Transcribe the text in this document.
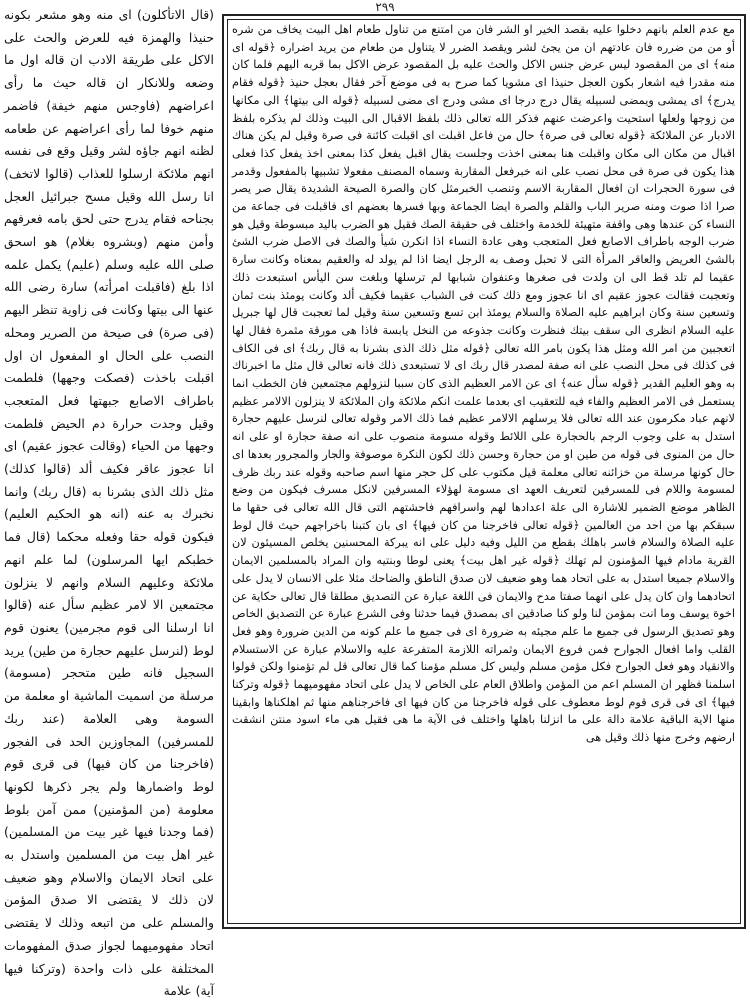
۲۹۹

(قال الاتأكلون) اى منه وهو مشعر بكونه حنيذا والهمزة فيه للعرض والحث على الاكل على طريقة الادب ان قاله اول ما وضعه وللانكار ان قاله حيث ما رأى اعراضهم (فاوجس منهم خيفة) فاضمر منهم خوفا لما رأى اعراضهم عن طعامه لظنه انهم جاؤه لشر وقيل وقع فى نفسه انهم ملائكة ارسلوا للعذاب (قالوا لاتخف) انا رسل الله وقيل مسح جبرائيل العجل بجناحه فقام يدرج حتى لحق بامه فعرفهم وأمن منهم (وبشروه بغلام) هو اسحق صلى الله عليه وسلم (عليم) يكمل علمه اذا بلغ (فاقبلت امرأته) سارة رضى الله عنها الى بيتها وكانت فى زاوية تنظر اليهم (فى صرة) فى صيحة من الصرير ومحله النصب على الحال او المفعول ان اول اقبلت باخذت (فصكت وجهها) فلطمت باطراف الاصابع جبهتها فعل المتعجب وقيل وجدت حرارة دم الحيض فلطمت وجهها من الحياء (وقالت عجوز عقيم) اى انا عجوز عاقر فكيف ألد (قالوا كذلك) مثل ذلك الذى بشرنا به (قال ربك) وانما نخبرك به عنه (انه هو الحكيم العليم) فيكون قوله حقا وفعله محكما (قال فما خطبكم ايها المرسلون) لما علم انهم ملائكة وعليهم السلام وانهم لا ينزلون مجتمعين الا لامر عظيم سأل عنه (قالوا انا ارسلنا الى قوم مجرمين) يعنون قوم لوط (لنرسل عليهم حجارة من طين) يريد السجيل فانه طين متحجر (مسومة) مرسلة من اسميت الماشية او معلمة من السومة وهى العلامة (عند ربك للمسرفين) المجاوزين الحد فى الفجور (فاخرجنا من كان فيها) فى قرى قوم لوط واضمارها ولم يجر ذكرها لكونها معلومة (من المؤمنين) ممن آمن بلوط (فما وجدنا فيها غير بيت من المسلمين) غير اهل بيت من المسلمين واستدل به على اتحاد الايمان والاسلام وهو ضعيف لان ذلك لا يقتضى الا صدق المؤمن والمسلم على من اتبعه وذلك لا يقتضى اتحاد مفهوميهما لجواز صدق المفهومات المختلفة على ذات واحدة (وتركنا فيها آية) علامة

مع عدم العلم بانهم دخلوا عليه بقصد الخير او الشر فان من امتنع من تناول طعام اهل البيت يخاف من شره أو من من ضرره فان عادتهم ان من يجئ لشر ويقصد الضرر لا يتناول من طعام من يريد اضراره ﴿قوله اى منه﴾ اى من المقصود ليس عرض جنس الاكل والحث عليه بل المقصود عرض الاكل بما قربه اليهم فلما كان منه مقدرا فيه اشعار بكون العجل حنيذا اى مشويا كما صرح به فى موضع آخر فقال بعجل حنيذ ﴿قوله فقام يدرج﴾ اى يمشى ويمضى لسبيله يقال درج درجا اى مشى ودرج اى مضى لسبيله ﴿قوله الى بيتها﴾ الى مكانها من زوجها ولعلها استحيت واعرضت عنهم فذكر الله تعالى ذلك بلفظ الاقبال الى البيت وذلك لم يذكره بلفظ الادبار عن الملائكة ﴿قوله تعالى فى صرة﴾ حال من فاعل اقبلت اى اقبلت كائنة فى صرة وقيل لم يكن هناك اقبال من مكان الى مكان واقبلت هنا بمعنى اخذت وجلست يقال اقبل يفعل كذا بمعنى اخذ يفعل كذا فعلى هذا يكون فى صرة فى محل نصب على انه خبرفعل المقاربة وسماه المصنف مفعولا تشبيها بالمفعول وقدمر فى سورة الحجرات ان افعال المقاربة الاسم وتنصب الخبرمثل كان والصرة الصيحة الشديدة يقال صر يصر صرا اذا صوت ومنه صرير الباب والقلم والصرة ايضا الجماعة وبها فسرها بعضهم اى فاقبلت فى جماعة من النساء كن عندها وهى واقفة متهيئة للخدمة واختلف فى حقيقة الصك فقيل هو الضرب باليد مبسوطة وقيل هو ضرب الوجه باطراف الاصابع فعل المتعجب وهى عادة النساء اذا انكرن شيأ والصك فى الاصل ضرب الشئ بالشئ العريض والعاقر المرأة التى لا تحبل وصف به الرجل ايضا اذا لم يولد له والعقيم بمعناه وكانت سارة عقيما لم تلد قط الى ان ولدت فى صغرها وعنفوان شبابها لم ترسلها وبلغت سن اليأس استبعدت ذلك وتعجبت فقالت عجوز عقيم اى انا عجوز ومع ذلك كنت فى الشباب عقيما فكيف ألد وكانت يومئذ بنت ثمان وتسعين سنة وكان ابراهيم عليه الصلاة والسلام يومئذ ابن تسع وتسعين سنة وقيل لما تعجبت قال لها جبريل عليه السلام انظرى الى سقف بيتك فنظرت وكانت جذوعه من النخل يابسة فاذا هى مورقة مثمرة فقال لها اتعجبين من امر الله ومثل هذا يكون بامر الله تعالى ﴿قوله مثل ذلك الذى بشرنا به قال ربك﴾ اى فى الكاف فى كذلك فى محل النصب على انه صفة لمصدر قال ربك اى لا تستبعدى ذلك فانه تعالى قال مثل ما اخبرناك به وهو العليم القدير ﴿قوله سأل عنه﴾ اى عن الامر العظيم الذى كان سببا لنزولهم مجتمعين فان الخطب انما يستعمل فى الامر العظيم والفاء فيه للتعقيب اى بعدما علمت انكم ملائكة وان الملائكة لا ينزلون الالامر عظيم لانهم عباد مكرمون عند الله تعالى فلا يرسلهم الالامر عظيم فما ذلك الامر وقوله تعالى لنرسل عليهم حجارة استدل به على وجوب الرجم بالحجارة على اللائط وقوله مسومة منصوب على انه صفة حجارة او على انه حال من المنوى فى قوله من طين او من حجارة وحسن ذلك لكون النكرة موصوفة والجار والمجرور بعدها اى حال كونها مرسلة من خزائنه تعالى معلمة قيل مكتوب على كل حجر منها اسم صاحبه وقوله عند ربك ظرف لمسومة واللام فى للمسرفين لتعريف العهد اى مسومة لهؤلاء المسرفين لانكل مسرف فيكون من وضع الظاهر موضع الضمير للاشارة الى علة اعدادها لهم واسرافهم فاحشتهم التى قال الله تعالى فى حقها ما سبقكم بها من احد من العالمين ﴿قوله تعالى فاخرجنا من كان فيها﴾ اى بان كتبنا باخراجهم حيث قال لوط عليه الصلاة والسلام فاسر باهلك بقطع من الليل وفيه دليل على انه يبركة المحسنين يخلص المسيئون لان القرية مادام فيها المؤمنون لم تهلك ﴿قوله غير اهل بيت﴾ يعنى لوطا وبنتيه وان المراد بالمسلمين الايمان والاسلام جميعا استدل به على اتحاد هما وهو ضعيف لان صدق الناطق والضاحك مثلا على الانسان لا يدل على اتحادهما وان كان يدل على انهما صفتا مدح والايمان فى اللغة عبارة عن التصديق مطلقا قال تعالى حكاية عن اخوة يوسف وما انت بمؤمن لنا ولو كنا صادقين اى بمصدق فيما حدثنا وفى الشرع عبارة عن التصديق الخاص وهو تصديق الرسول فى جميع ما علم مجيئه به ضرورة اى فى جميع ما علم كونه من الدين ضرورة وهو فعل القلب واما افعال الجوارح فمن فروع الايمان وثمراته اللازمة المتفرعة عليه والاسلام عبارة عن الاستسلام والانقياد وهو فعل الجوارح فكل مؤمن مسلم وليس كل مسلم مؤمنا كما قال تعالى قل لم تؤمنوا ولكن قولوا اسلمنا فظهر ان المسلم اعم من المؤمن واطلاق العام على الخاص لا يدل على اتحاد مفهوميهما ﴿قوله وتركنا فيها﴾ اى فى قرى قوم لوط معطوف على قوله فاخرجنا من كان فيها اى فاخرجناهم منها ثم اهلكناها وابقينا منها الاية الباقية علامة دالة على ما انزلنا باهلها واختلف فى الآية ما هى فقيل هى ماء اسود منتن انشقت ارضهم وخرج منها ذلك وقيل هى
